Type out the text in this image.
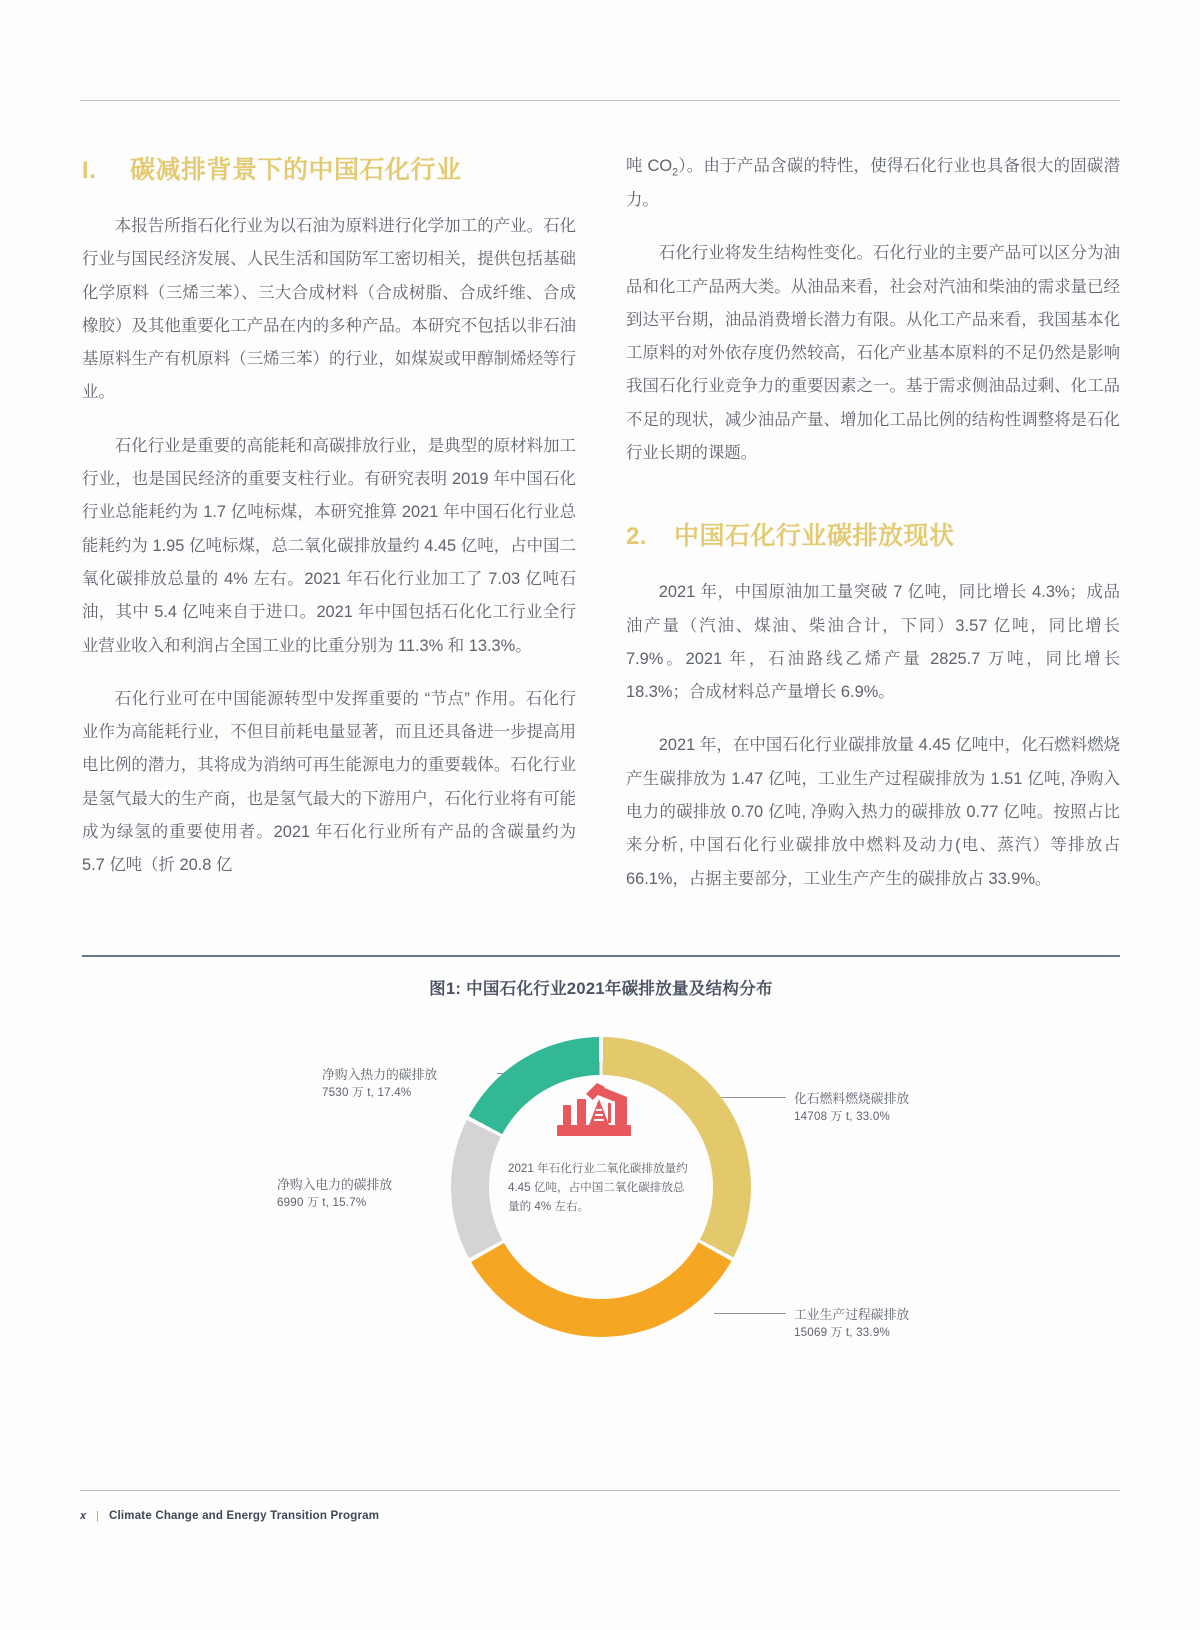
I.	碳减排背景下的中国石化行业

本报告所指石化行业为以石油为原料进行化学加工的产业。石化行业与国民经济发展、人民生活和国防军工密切相关，提供包括基础化学原料（三烯三苯）、三大合成材料（合成树脂、合成纤维、合成橡胶）及其他重要化工产品在内的多种产品。本研究不包括以非石油基原料生产有机原料（三烯三苯）的行业，如煤炭或甲醇制烯烃等行业。

石化行业是重要的高能耗和高碳排放行业，是典型的原材料加工行业，也是国民经济的重要支柱行业。有研究表明 2019 年中国石化行业总能耗约为 1.7 亿吨标煤，本研究推算 2021 年中国石化行业总能耗约为 1.95 亿吨标煤，总二氧化碳排放量约 4.45 亿吨，占中国二氧化碳排放总量的 4% 左右。2021 年石化行业加工了 7.03 亿吨石油，其中 5.4 亿吨来自于进口。2021 年中国包括石化化工行业全行业营业收入和利润占全国工业的比重分别为 11.3% 和 13.3%。

石化行业可在中国能源转型中发挥重要的 “节点” 作用。石化行业作为高能耗行业，不但目前耗电量显著，而且还具备进一步提高用电比例的潜力，其将成为消纳可再生能源电力的重要载体。石化行业是氢气最大的生产商，也是氢气最大的下游用户，石化行业将有可能成为绿氢的重要使用者。2021 年石化行业所有产品的含碳量约为 5.7 亿吨（折 20.8 亿

吨 $CO_2$）。由于产品含碳的特性，使得石化行业也具备很大的固碳潜力。

石化行业将发生结构性变化。石化行业的主要产品可以区分为油品和化工产品两大类。从油品来看，社会对汽油和柴油的需求量已经到达平台期，油品消费增长潜力有限。从化工产品来看，我国基本化工原料的对外依存度仍然较高，石化产业基本原料的不足仍然是影响我国石化行业竞争力的重要因素之一。基于需求侧油品过剩、化工品不足的现状，减少油品产量、增加化工品比例的结构性调整将是石化行业长期的课题。

2.	中国石化行业碳排放现状

2021 年，中国原油加工量突破 7 亿吨，同比增长 4.3%；成品油产量（汽油、煤油、柴油合计，下同）3.57 亿吨，同比增长 7.9%。2021 年，石油路线乙烯产量 2825.7 万吨，同比增长 18.3%；合成材料总产量增长 6.9%。

2021 年，在中国石化行业碳排放量 4.45 亿吨中，化石燃料燃烧产生碳排放为 1.47 亿吨，工业生产过程碳排放为 1.51 亿吨, 净购入电力的碳排放 0.70 亿吨, 净购入热力的碳排放 0.77 亿吨。按照占比来分析, 中国石化行业碳排放中燃料及动力(电、蒸汽）等排放占 66.1%，占据主要部分，工业生产产生的碳排放占 33.9%。

图1: 中国石化行业2021年碳排放量及结构分布
净购入热力的碳排放
7530 万 t, 17.4%
净购入电力的碳排放
6990 万 t, 15.7%
化石燃料燃烧碳排放
14708 万 t, 33.0%
工业生产过程碳排放
15069 万 t, 33.9%
2021 年石化行业二氧化碳排放量约 4.45 亿吨，占中国二氧化碳排放总量的 4% 左右。
x | Climate Change and Energy Transition Program
